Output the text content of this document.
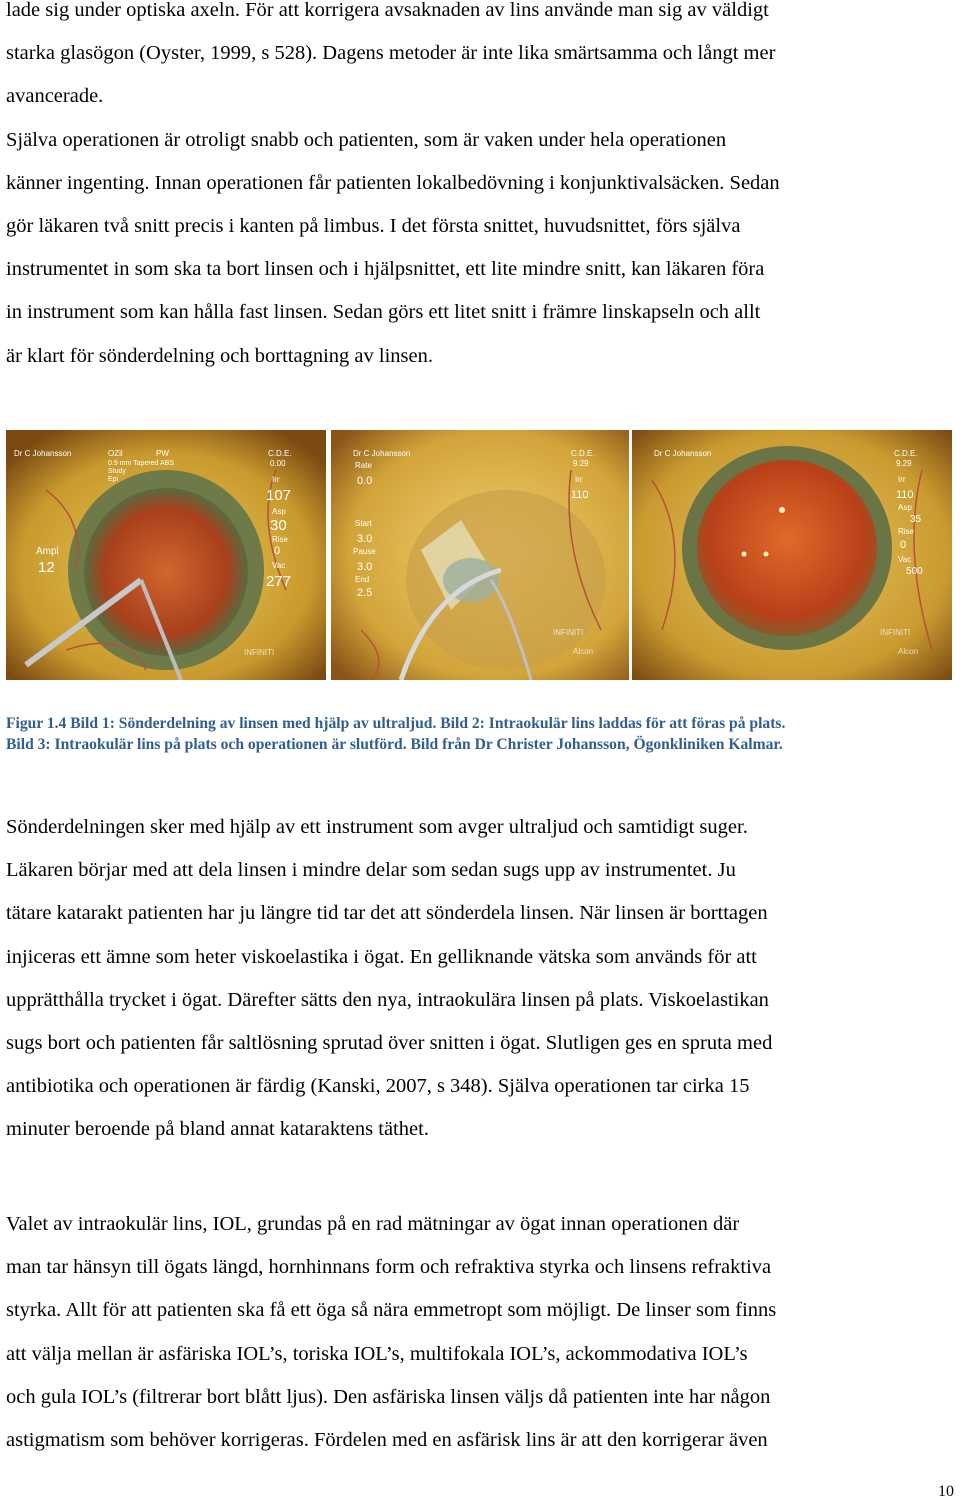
lade sig under optiska axeln. För att korrigera avsaknaden av lins använde man sig av väldigt
starka glasögon (Oyster, 1999, s 528). Dagens metoder är inte lika smärtsamma och långt mer
avancerade.
Själva operationen är otroligt snabb och patienten, som är vaken under hela operationen
känner ingenting. Innan operationen får patienten lokalbedövning i konjunktivalsäcken. Sedan
gör läkaren två snitt precis i kanten på limbus. I det första snittet, huvudsnittet, förs själva
instrumentet in som ska ta bort linsen och i hjälpsnittet, ett lite mindre snitt, kan läkaren föra
in instrument som kan hålla fast linsen. Sedan görs ett litet snitt i främre linskapseln och allt
är klart för sönderdelning och borttagning av linsen.
Dr C Johansson	OZil	PW
0.9 mm Tapered ABS
Study
Epi
C.D.E.
0.00
Irr
107
Asp
30
Rise
0
Vac
277
Ampl
12
INFINITI
Dr C Johansson
Rate
0.0
Start
3.0
Pause
3.0
End
2.5
C.D.E.
9.29
Irr
110
INFINITI
Alcon
Dr C Johansson	C.D.E.
9.29
Irr
110
Asp
35
Rise
0
Vac
500
INFINITI
Alcon
Figur 1.4 Bild 1: Sönderdelning av linsen med hjälp av ultraljud. Bild 2: Intraokulär lins laddas för att föras på plats.
Bild 3: Intraokulär lins på plats och operationen är slutförd. Bild från Dr Christer Johansson, Ögonkliniken Kalmar.
Sönderdelningen sker med hjälp av ett instrument som avger ultraljud och samtidigt suger.
Läkaren börjar med att dela linsen i mindre delar som sedan sugs upp av instrumentet. Ju
tätare katarakt patienten har ju längre tid tar det att sönderdela linsen. När linsen är borttagen
injiceras ett ämne som heter viskoelastika i ögat. En gelliknande vätska som används för att
upprätthålla trycket i ögat. Därefter sätts den nya, intraokulära linsen på plats. Viskoelastikan
sugs bort och patienten får saltlösning sprutad över snitten i ögat. Slutligen ges en spruta med
antibiotika och operationen är färdig (Kanski, 2007, s 348). Själva operationen tar cirka 15
minuter beroende på bland annat kataraktens täthet.
Valet av intraokulär lins, IOL, grundas på en rad mätningar av ögat innan operationen där
man tar hänsyn till ögats längd, hornhinnans form och refraktiva styrka och linsens refraktiva
styrka. Allt för att patienten ska få ett öga så nära emmetropt som möjligt. De linser som finns
att välja mellan är asfäriska IOL’s, toriska IOL’s, multifokala IOL’s, ackommodativa IOL’s
och gula IOL’s (filtrerar bort blått ljus). Den asfäriska linsen väljs då patienten inte har någon
astigmatism som behöver korrigeras. Fördelen med en asfärisk lins är att den korrigerar även
10
